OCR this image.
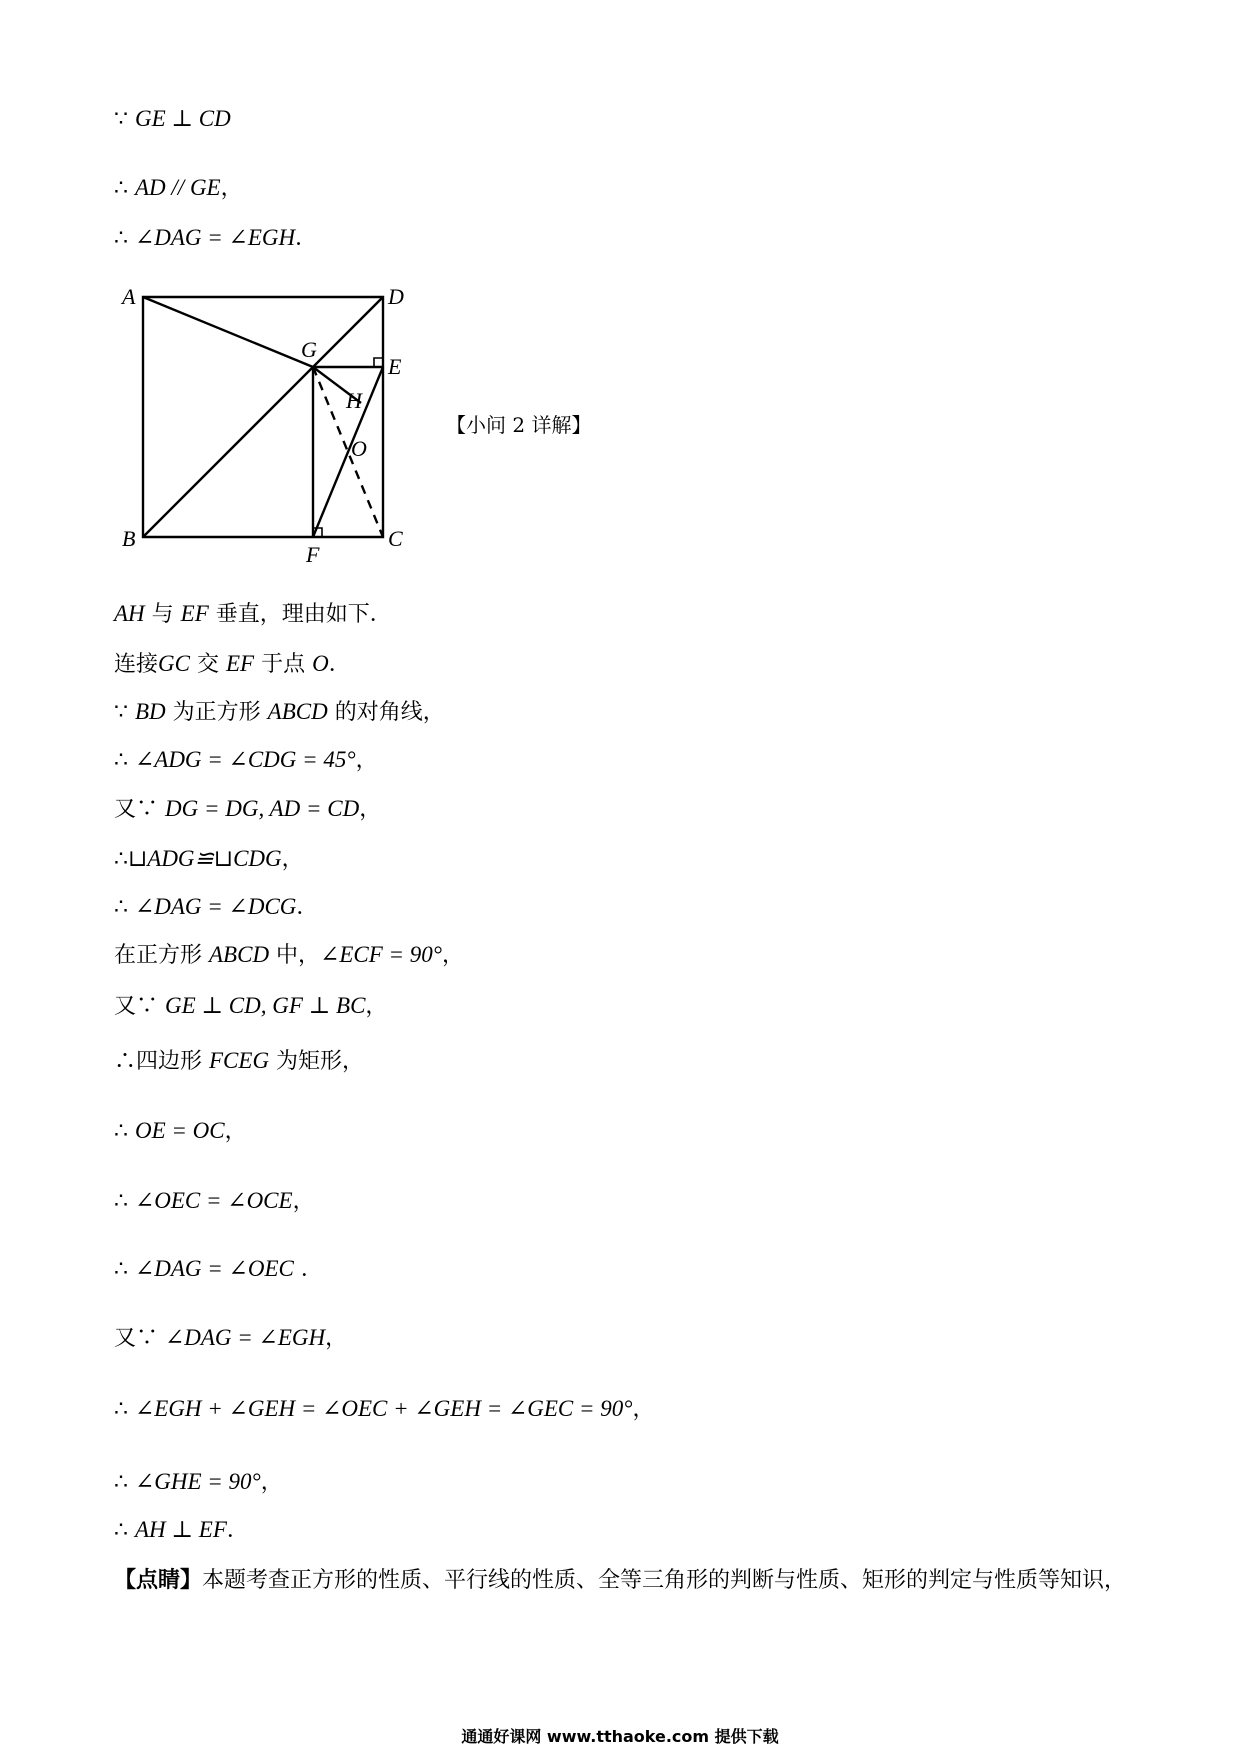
∵ GE ⊥ CD
∴ AD // GE，
∴ ∠DAG = ∠EGH．
A	D
G
E
H
O
B
F
C
【小问 2 详解】
AH 与 EF 垂直，理由如下．
连接GC 交 EF 于点 O．
∵ BD 为正方形 ABCD 的对角线，
∴ ∠ADG = ∠CDG = 45°，
又∵ DG = DG, AD = CD，
∴⊔ADG≌⊔CDG，
∴ ∠DAG = ∠DCG．
在正方形 ABCD 中，∠ECF = 90°，
又∵ GE ⊥ CD, GF ⊥ BC，
∴四边形 FCEG 为矩形，
∴ OE = OC，
∴ ∠OEC = ∠OCE，
∴ ∠DAG = ∠OEC ．
又∵ ∠DAG = ∠EGH，
∴ ∠EGH + ∠GEH = ∠OEC + ∠GEH = ∠GEC = 90°，
∴ ∠GHE = 90°，
∴ AH ⊥ EF．
【点睛】本题考查正方形的性质、平行线的性质、全等三角形的判断与性质、矩形的判定与性质等知识，
通通好课网 www.tthaoke.com 提供下载
